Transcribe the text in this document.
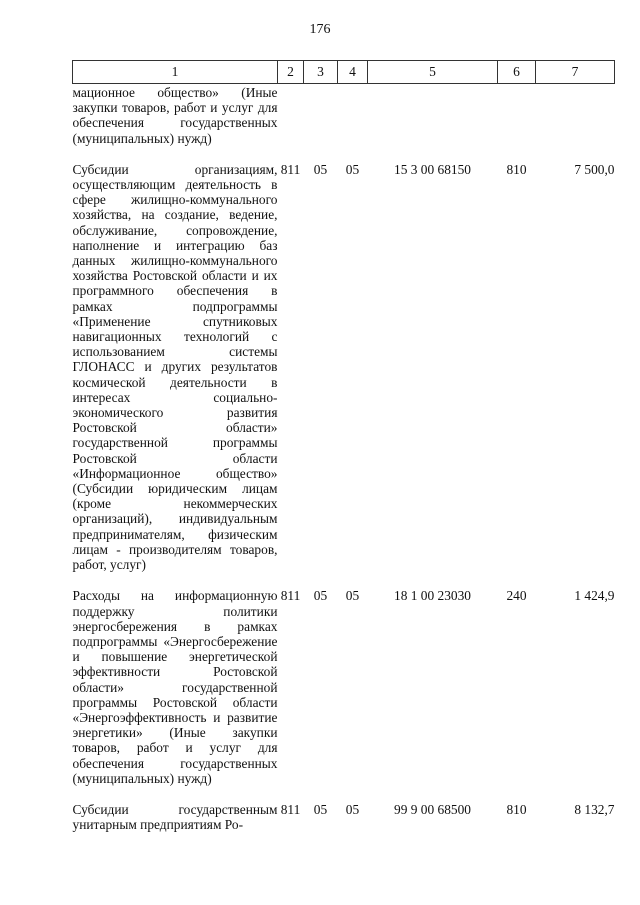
176
1	2	3	4	5	6	7
мационное общество» (Иные закупки товаров, работ и услуг для обеспечения государственных (муниципальных) нужд)						

Субсидии организациям, осуществляющим деятельность в сфере жилищно-коммунального хозяйства, на создание, ведение, обслуживание, сопровождение, наполнение и интеграцию баз данных жилищно-коммунального хозяйства Ростовской области и их программного обеспечения в рамках подпрограммы «Применение спутниковых навигационных технологий с использованием системы ГЛОНАСС и других результатов космической деятельности в интересах социально-экономического развития Ростовской области» государственной программы Ростовской области «Информационное общество» (Субсидии юридическим лицам (кроме некоммерческих организаций), индивидуальным предпринимателям, физическим лицам - производителям товаров, работ, услуг)	811	05	05	15 3 00 68150	810	7 500,0

Расходы на информационную поддержку политики энергосбережения в рамках подпрограммы «Энергосбережение и повышение энергетической эффективности Ростовской области» государственной программы Ростовской области «Энергоэффективность и развитие энергетики» (Иные закупки товаров, работ и услуг для обеспечения государственных (муниципальных) нужд)	811	05	05	18 1 00 23030	240	1 424,9

Субсидии государственным унитарным предприятиям Ро-	811	05	05	99 9 00 68500	810	8 132,7
